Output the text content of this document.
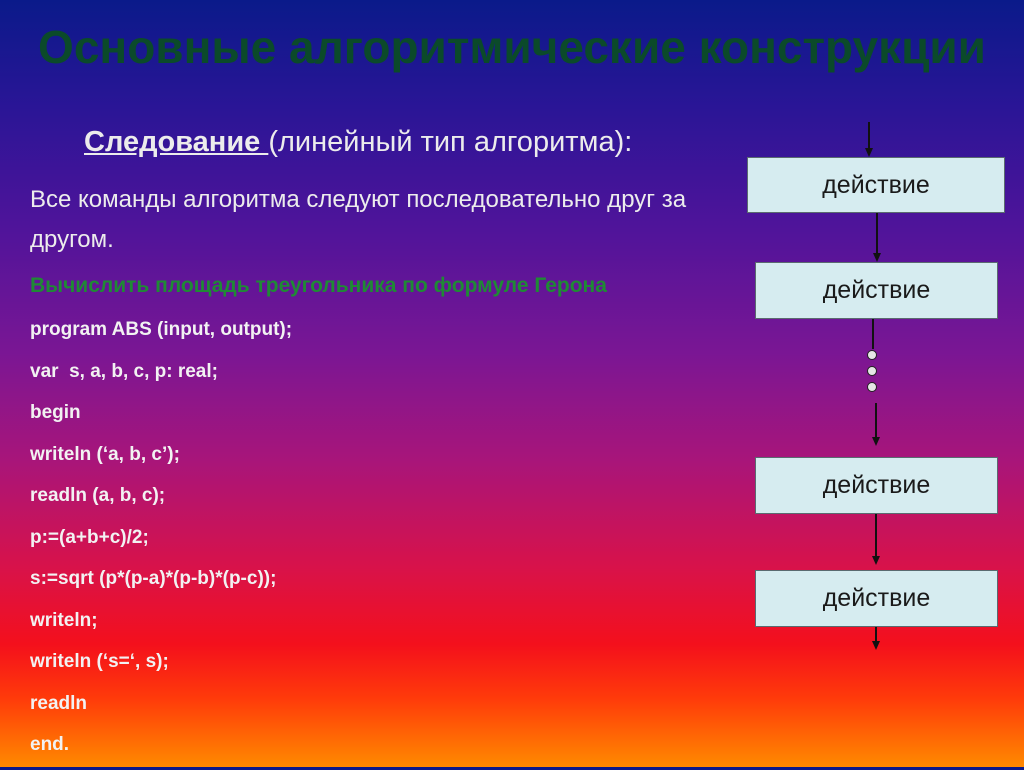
Основные алгоритмические конструкции

Следование (линейный тип алгоритма):

Все команды алгоритма следуют последовательно друг за другом.

Вычислить площадь треугольника по формуле Герона

program ABS (input, output);
var  s, a, b, c, p: real;
begin
writeln (‘a, b, c’);
readln (a, b, c);
p:=(a+b+c)/2;
s:=sqrt (p*(p-a)*(p-b)*(p-c));
writeln;
writeln (‘s=‘, s);
readln
end.
действие
действие
действие
действие
